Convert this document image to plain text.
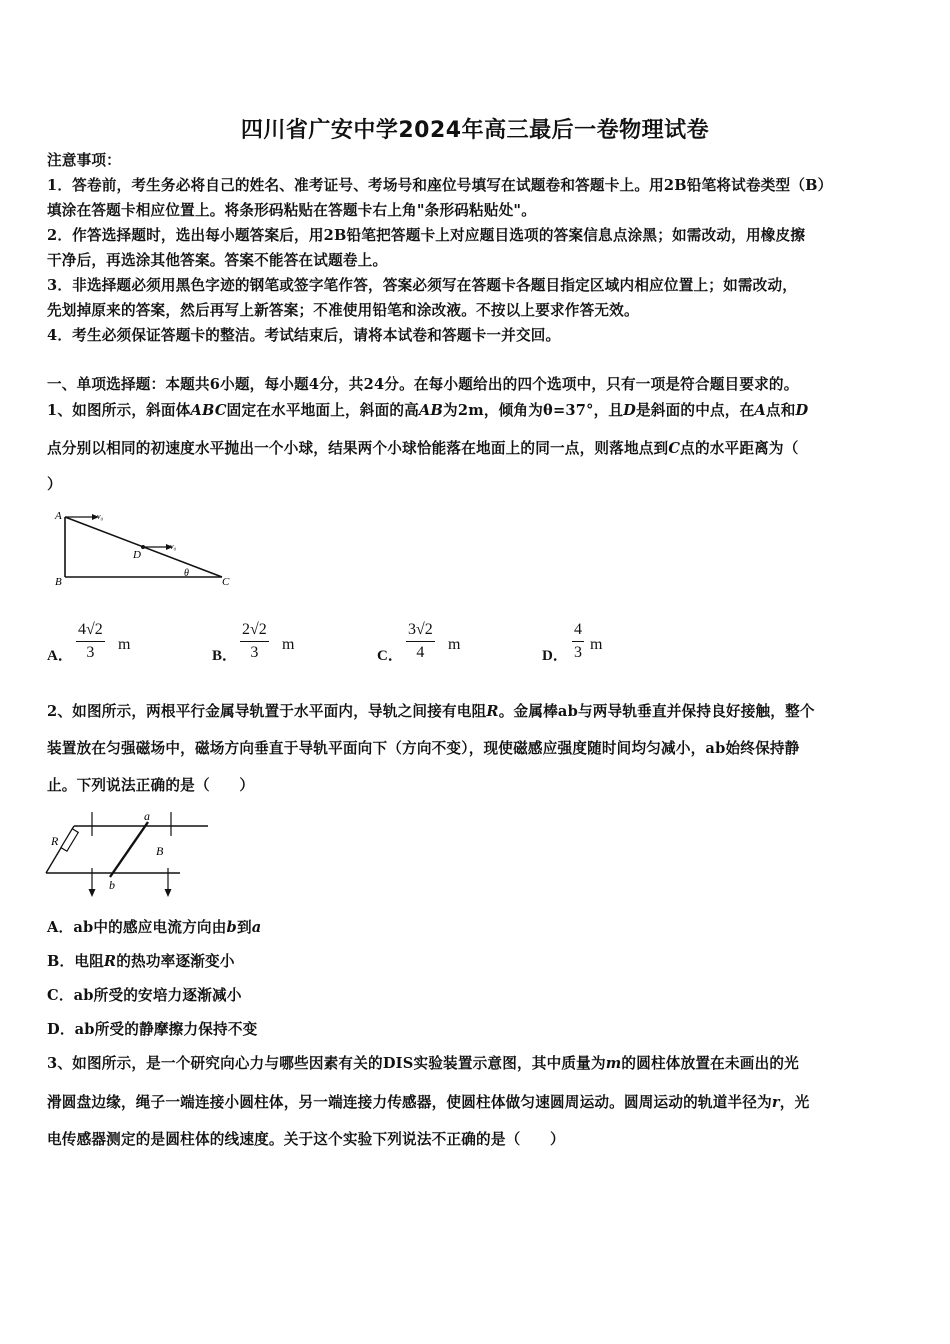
四川省广安中学2024年高三最后一卷物理试卷
注意事项：
1．答卷前，考生务必将自己的姓名、准考证号、考场号和座位号填写在试题卷和答题卡上。用2B铅笔将试卷类型（B）
填涂在答题卡相应位置上。将条形码粘贴在答题卡右上角"条形码粘贴处"。
2．作答选择题时，选出每小题答案后，用2B铅笔把答题卡上对应题目选项的答案信息点涂黑；如需改动，用橡皮擦
干净后，再选涂其他答案。答案不能答在试题卷上。
3．非选择题必须用黑色字迹的钢笔或签字笔作答，答案必须写在答题卡各题目指定区域内相应位置上；如需改动，
先划掉原来的答案，然后再写上新答案；不准使用铅笔和涂改液。不按以上要求作答无效。
4．考生必须保证答题卡的整洁。考试结束后，请将本试卷和答题卡一并交回。
一、单项选择题：本题共6小题，每小题4分，共24分。在每小题给出的四个选项中，只有一项是符合题目要求的。
1、如图所示，斜面体ABC固定在水平地面上，斜面的高AB为2m，倾角为θ=37°，且D是斜面的中点，在A点和D
点分别以相同的初速度水平抛出一个小球，结果两个小球恰能落在地面上的同一点，则落地点到C点的水平距离为（
）
A
B	C
D
θ
v₀
v₀
A．
4√2
3	m
B．
2√2
3	m
C．
3√2
4	m
D．
4
3 m
2、如图所示，两根平行金属导轨置于水平面内，导轨之间接有电阻R。金属棒ab与两导轨垂直并保持良好接触，整个
装置放在匀强磁场中，磁场方向垂直于导轨平面向下（方向不变），现使磁感应强度随时间均匀减小，ab始终保持静
止。下列说法正确的是（　　）
R
a
b
B
A．ab中的感应电流方向由b到a
B．电阻R的热功率逐渐变小
C．ab所受的安培力逐渐减小
D．ab所受的静摩擦力保持不变
3、如图所示，是一个研究向心力与哪些因素有关的DIS实验装置示意图，其中质量为m的圆柱体放置在未画出的光
滑圆盘边缘，绳子一端连接小圆柱体，另一端连接力传感器，使圆柱体做匀速圆周运动。圆周运动的轨道半径为r，光
电传感器测定的是圆柱体的线速度。关于这个实验下列说法不正确的是（　　）
